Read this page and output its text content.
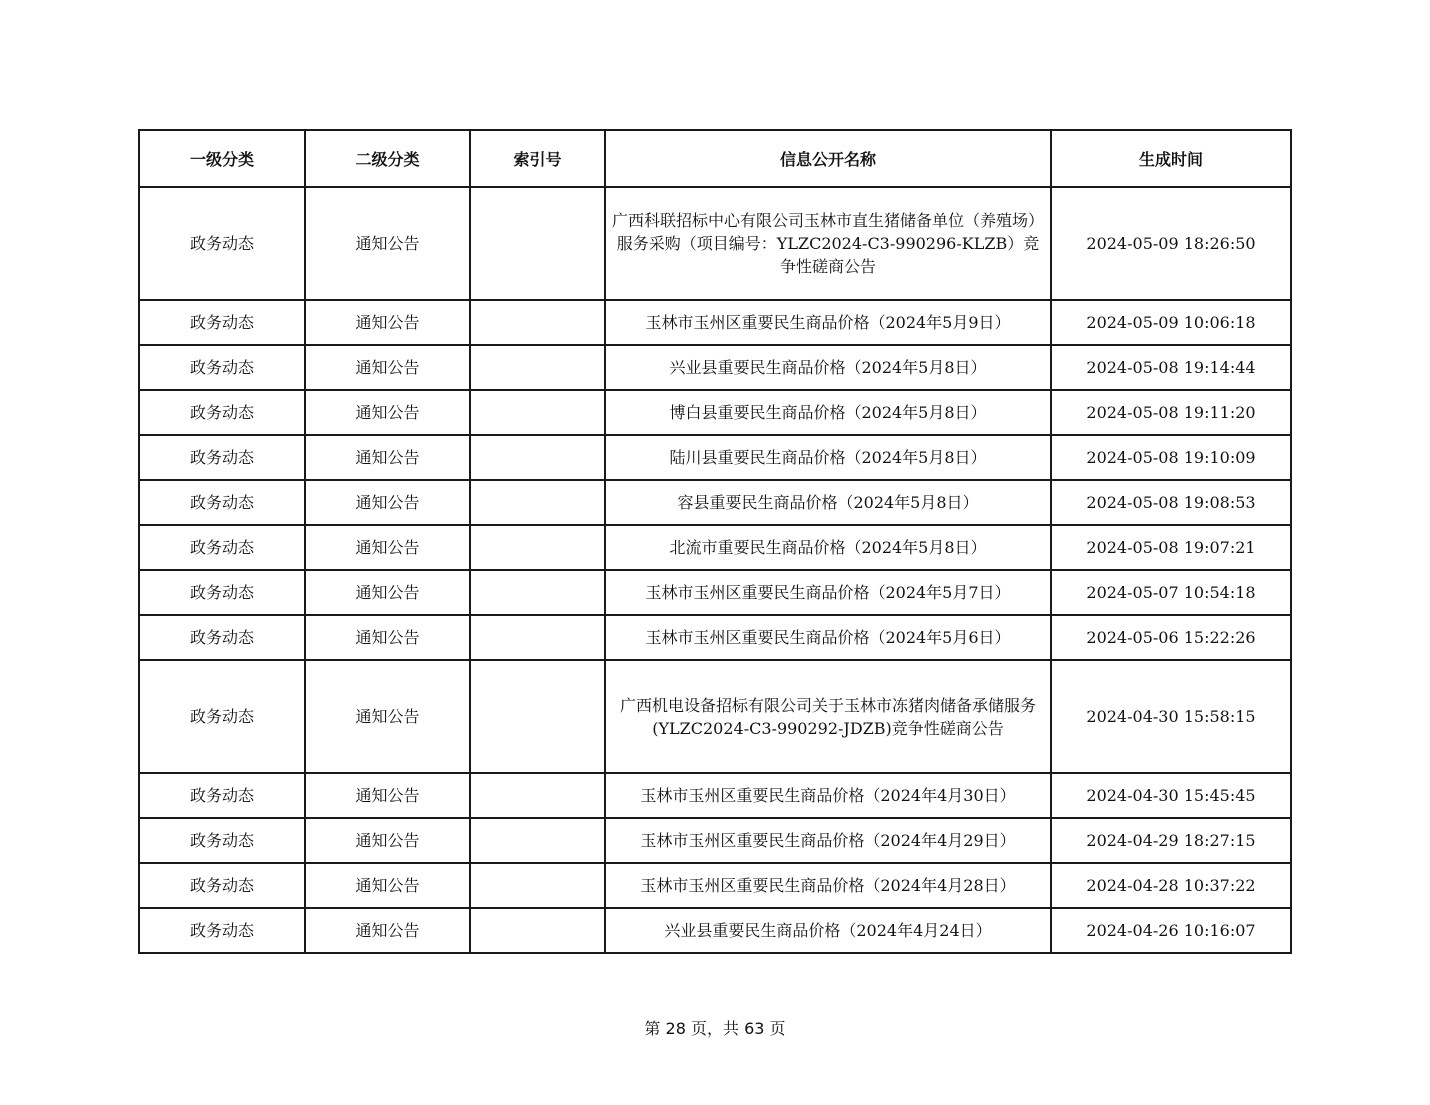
一级分类	二级分类	索引号	信息公开名称	生成时间
政务动态	通知公告		广西科联招标中心有限公司玉林市直生猪储备单位（养殖场）服务采购（项目编号：YLZC2024-C3-990296-KLZB）竞争性磋商公告	2024-05-09 18:26:50
政务动态	通知公告		玉林市玉州区重要民生商品价格（2024年5月9日）	2024-05-09 10:06:18
政务动态	通知公告		兴业县重要民生商品价格（2024年5月8日）	2024-05-08 19:14:44
政务动态	通知公告		博白县重要民生商品价格（2024年5月8日）	2024-05-08 19:11:20
政务动态	通知公告		陆川县重要民生商品价格（2024年5月8日）	2024-05-08 19:10:09
政务动态	通知公告		容县重要民生商品价格（2024年5月8日）	2024-05-08 19:08:53
政务动态	通知公告		北流市重要民生商品价格（2024年5月8日）	2024-05-08 19:07:21
政务动态	通知公告		玉林市玉州区重要民生商品价格（2024年5月7日）	2024-05-07 10:54:18
政务动态	通知公告		玉林市玉州区重要民生商品价格（2024年5月6日）	2024-05-06 15:22:26
政务动态	通知公告		广西机电设备招标有限公司关于玉林市冻猪肉储备承储服务(YLZC2024-C3-990292-JDZB)竞争性磋商公告	2024-04-30 15:58:15
政务动态	通知公告		玉林市玉州区重要民生商品价格（2024年4月30日）	2024-04-30 15:45:45
政务动态	通知公告		玉林市玉州区重要民生商品价格（2024年4月29日）	2024-04-29 18:27:15
政务动态	通知公告		玉林市玉州区重要民生商品价格（2024年4月28日）	2024-04-28 10:37:22
政务动态	通知公告		兴业县重要民生商品价格（2024年4月24日）	2024-04-26 10:16:07
第 28 页，共 63 页
